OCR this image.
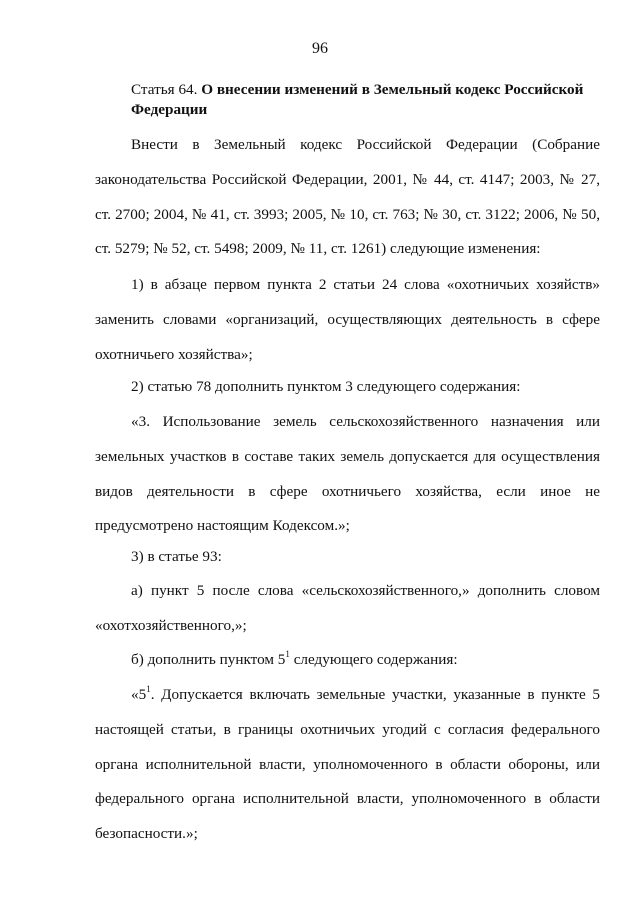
96
Статья 64. О внесении изменений в Земельный кодекс Российской
Федерации

Внести в Земельный кодекс Российской Федерации (Собрание законодательства Российской Федерации, 2001, № 44, ст. 4147; 2003, № 27, ст. 2700; 2004, № 41, ст. 3993; 2005, № 10, ст. 763; № 30, ст. 3122; 2006, № 50, ст. 5279; № 52, ст. 5498; 2009, № 11, ст. 1261) следующие изменения:

1) в абзаце первом пункта 2 статьи 24 слова «охотничьих хозяйств» заменить словами «организаций, осуществляющих деятельность в сфере охотничьего хозяйства»;

2) статью 78 дополнить пунктом 3 следующего содержания:

«3. Использование земель сельскохозяйственного назначения или земельных участков в составе таких земель допускается для осуществления видов деятельности в сфере охотничьего хозяйства, если иное не предусмотрено настоящим Кодексом.»;

3) в статье 93:

а) пункт 5 после слова «сельскохозяйственного,» дополнить словом «охотхозяйственного,»;

б) дополнить пунктом $5^1$ следующего содержания:

«$5^1$. Допускается включать земельные участки, указанные в пункте 5 настоящей статьи, в границы охотничьих угодий с согласия федерального органа исполнительной власти, уполномоченного в области обороны, или федерального органа исполнительной власти, уполномоченного в области безопасности.»;
